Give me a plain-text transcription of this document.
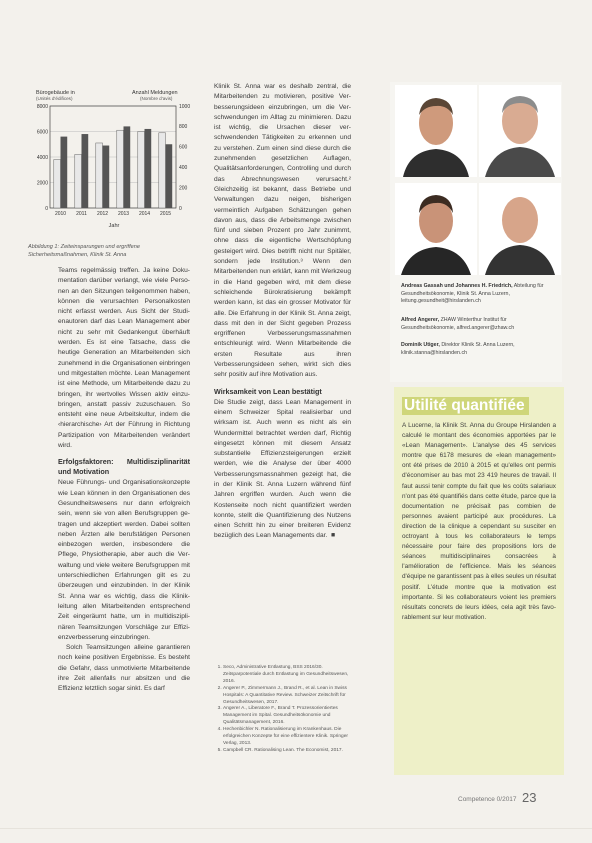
Bürogebäude in
(Unités d’édifices)
Anzahl Meldungen
(Nombre d’avis)
8000
6000
4000
2000
0
1000
800
600
400
200
0
2010 2011 2012 2013 2014 2015
Jahr
Abbildung 1: Zeiteinsparungen und ergriffene Sicherheitsmaßnahmen, Klinik St. Anna

Teams regelmässig treffen. Ja keine Dokumentation darüber verlangt, wie viele Personen an den Sitzungen teilgenommen haben, können die verursachten Personalkosten nicht erfasst werden. Aus Sicht der Studienautoren darf das Lean Management aber nicht zu sehr mit Gedankengut überhäuft werden. Es ist eine Tatsache, dass die heutige Generation an Mitarbeitenden sich zunehmend in die Organisationen einbringen und mitgestalten möchte. Lean Management ist eine Methode, um Mitarbeitende dazu zu bringen, ihr wertvolles Wissen aktiv einzubringen, anstatt passiv zuzuschauen. So entsteht eine neue Arbeitskultur, indem die ‹hierarchische› Art der Führung in Richtung Partizipation von Mitarbeitenden verändert wird.

Erfolgsfaktoren: Multidisziplinarität und Motivation

Neue Führungs- und Organisationskonzepte wie Lean können in den Organisationen des Gesundheitswesens nur dann erfolgreich sein, wenn sie von allen Berufsgruppen getragen und akzeptiert werden. Dabei sollten neben Ärzten alle berufstätigen Personen einbezogen werden, insbesondere die Pflege, Physiotherapie, aber auch die Verwaltung und viele weitere Berufsgruppen mit unterschiedlichen Erfahrungen gilt es zu überzeugen und einzubinden. In der Klinik St. Anna war es wichtig, dass die Klinikleitung allen Mitarbeitenden entsprechend Zeit eingeräumt hatte, um in multidisziplinären Teamsitzungen Vorschläge zur Effizienzverbesserung einzubringen.

Solch Teamsitzungen alleine garantieren noch keine positiven Ergebnisse. Es besteht die Gefahr, dass unmotivierte Mitarbeitende ihre Zeit allenfalls nur absitzen und die Effizienz letztlich sogar sinkt. Es darf

Klinik St. Anna war es deshalb zentral, die Mitarbeitenden zu motivieren, positive Verbesserungsideen einzubringen, um die Verschwendungen im Alltag zu minimieren. Dazu ist wichtig, die Ursachen dieser verschwendenden Tätigkeiten zu erkennen und zu verstehen. Zum einen sind diese durch die zunehmenden gesetzlichen Auflagen, Qualitätsanforderungen, Controlling und durch das Abrechnungswesen verursacht.² Gleichzeitig ist bekannt, dass Betriebe und Verwaltungen dazu neigen, bisherigen vermeintlich Aufgaben Schätzungen gehen davon aus, dass die Arbeitsmenge zwischen fünf und sieben Prozent pro Jahr zunimmt, ohne dass die eigentliche Wertschöpfung gesteigert wird. Dies betrifft nicht nur Spitäler, sondern jede Institution.³ Wenn den Mitarbeitenden nun erklärt, kann mit Werkzeug in die Hand gegeben wird, mit dem diese schleichende Bürokratisierung bekämpft werden kann, ist das ein grosser Motivator für alle. Die Erfahrung in der Klinik St. Anna zeigt, dass mit den in der Sicht gegeben Prozess ergriffenen Verbesserungsmassnahmen entschleunigt wird. Wenn Mitarbeitende die ersten Resultate aus ihren Verbesserungsideen sehen, wirkt sich dies sehr positiv auf ihre Motivation aus.

Wirksamkeit von Lean bestätigt

Die Studie zeigt, dass Lean Management in einem Schweizer Spital realisierbar und wirksam ist. Auch wenn es nicht als ein Wundermittel betrachtet werden darf, Richtig eingesetzt können mit diesem Ansatz substantielle Effizienzsteigerungen erzielt werden, wie die Analyse der über 4000 Verbesserungsmassnahmen gezeigt hat, die in der Klinik St. Anna Luzern während fünf Jahren ergriffen wurden. Auch wenn die Kostenseite noch nicht quantifiziert werden konnte, stellt die Quantifizierung des Nutzens einen Schritt hin zu einer breiteren Evidenz bezüglich des Lean Managements dar. ◾

1. Seco, Administrative Entlastung, BSS 2016/30. Zeitsparpotentiale durch Entlastung im Gesundheitswesen, 2016.
2. Angerer P., Zimmermann J., Brand R., et al. Lean in Swiss Hospitals: A Quantitative Review. Schweizer Zeitschrift für Gesundheitswesen, 2017.
3. Angerer A., Liberatore F., Brand T. Prozessorientiertes Management im Spital. Gesundheitsökonomie und Qualitätsmanagement, 2016.
4. Hechenbichler N. Rationalisierung im Krankenhaus. Die erfolgreichen Konzepte für eine effizientere Klinik. Springer Verlag, 2013.
5. Campbell CR. Rationalising Lean. The Economist, 2017.
Andreas Gassah und Johannes H. Friedrich, Abteilung für Gesundheitsökonomie, Klinik St. Anna Luzern, leitung.gesundheit@hirslanden.ch
Alfred Angerer, ZHAW Winterthur Institut für Gesundheitsökonomie, alfred.angerer@zhaw.ch
Dominik Utiger, Direktor Klinik St. Anna Luzern, klinik.stanna@hirslanden.ch
Utilité quantifiée
A Lucerne, la Klinik St. Anna du Groupe Hirslanden a calculé le montant des économies apportées par le «Lean Management». L'analyse des 45 services montre que 6178 mesures de «lean management» ont été prises de 2010 à 2015 et qu'elles ont permis d'économiser au bas mot 23 419 heures de travail. Il faut aussi tenir compte du fait que les coûts salariaux n'ont pas été quantifiés dans cette étude, parce que la documentation ne précisait pas combien de personnes avaient participé aux procédures. La direction de la clinique a cependant su susciter en octroyant à tous les collaborateurs le temps nécessaire pour faire des propositions lors de séances multidisciplinaires consacrées à l'amélioration de l'efficience. Mais les séances d'équipe ne garantissent pas à elles seules un résultat positif. L'étude montre que la motivation est importante. Si les collaborateurs voient les premiers résultats concrets de leurs idées, cela agit très favorablement sur leur motivation.
Competence 0/2017 23
